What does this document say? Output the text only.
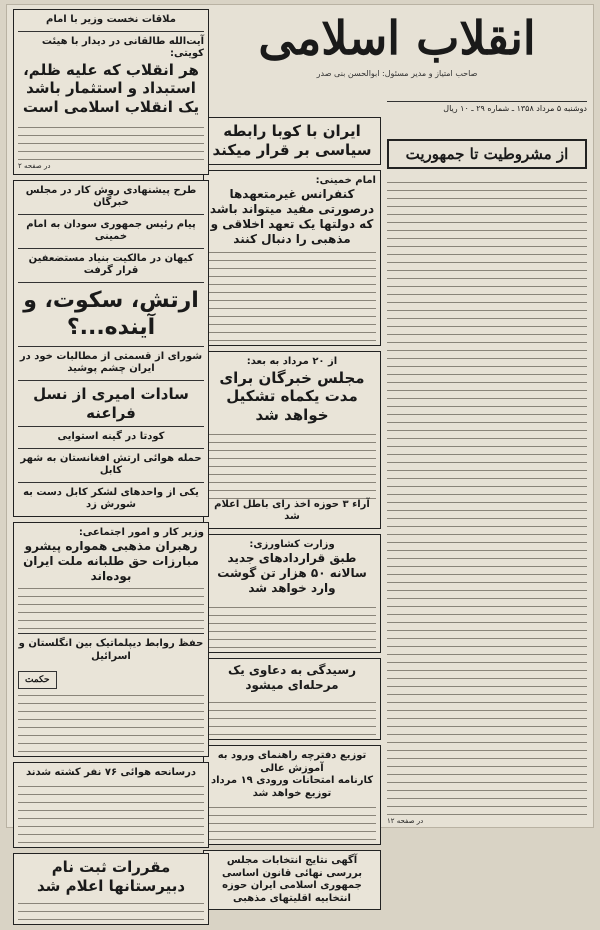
انقلاب اسلامی
صاحب امتیاز و مدیر مسئول: ابوالحسن بنی صدر
دوشنبه ۵ مرداد ۱۳۵۸ ـ شماره ۲۹ ـ ۱۰ ریال
از مشروطیت تا جمهوریت
در صفحه ۱۲
ایران با کوبا رابطه سیاسی بر قرار میکند
امام خمینی:
کنفرانس غیرمتعهدها درصورتی مفید میتواند باشد که دولتها یک تعهد اخلاقی و مذهبی را دنبال کنند
از ۲۰ مرداد به بعد:
مجلس خبرگان برای مدت یکماه تشکیل خواهد شد
آراء ۳ حوزه اخذ رای باطل اعلام شد
وزارت کشاورزی:
طبق قراردادهای جدید سالانه ۵۰ هزار تن گوشت وارد خواهد شد
رسیدگی به دعاوی یک مرحله‌ای میشود
توزیع دفترچه راهنمای ورود به آموزش عالی
کارنامه امتحانات ورودی ۱۹ مرداد توزیع خواهد شد
آگهی نتایج انتخابات مجلس بررسی نهائی قانون اساسی جمهوری اسلامی ایران حوزه انتخابیه اقلیتهای مذهبی
ملاقات نخست وزیر با امام
آیت‌الله طالقانی در دیدار با هیئت کویتی:
هر انقلاب که علیه ظلم، استبداد و استثمار باشد یک انقلاب اسلامی است
در صفحه ۲
طرح پیشنهادی روش کار در مجلس خبرگان
پیام رئیس جمهوری سودان به امام خمینی
کیهان در مالکیت بنیاد مستضعفین قرار گرفت
ارتش، سکوت، و آینده...؟
شورای از قسمتی از مطالبات خود در ایران چشم پوشید
سادات امیری از نسل فراعنه
کودتا در گینه استوایی
حمله هوائی ارتش افغانستان به شهر کابل
یکی از واحدهای لشکر کابل دست به شورش زد
وزیر کار و امور اجتماعی:
رهبران مذهبی همواره پیشرو مبارزات حق طلبانه ملت ایران بوده‌اند
حفظ روابط دیپلماتیک بین انگلستان و اسرائیل
حکمت
درسانحه هوائی ۷۶ نفر کشته شدند
مقررات ثبت نام دبیرستانها اعلام شد
